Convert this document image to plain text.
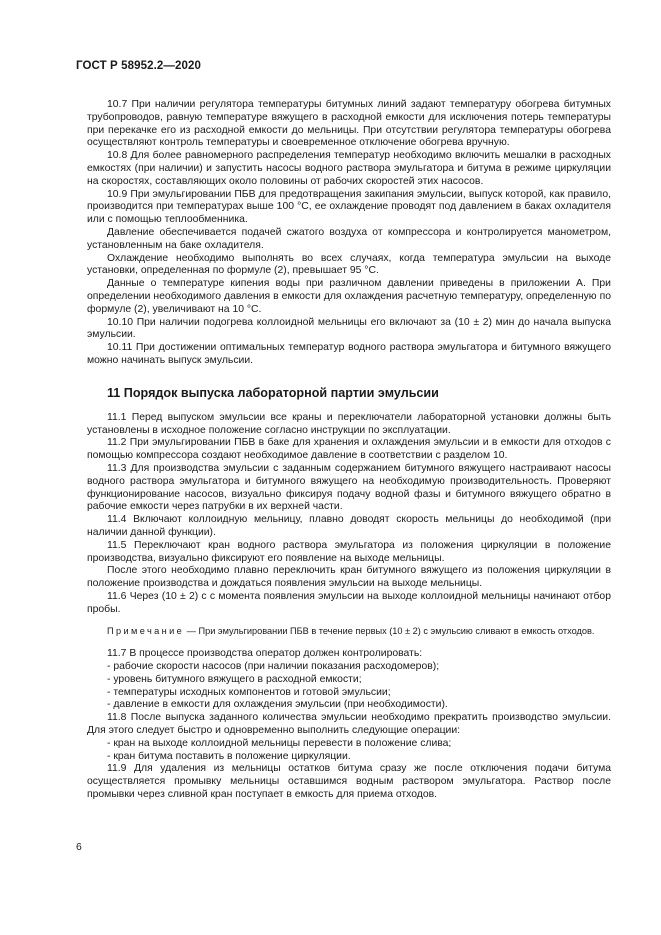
ГОСТ Р 58952.2—2020

10.7 При наличии регулятора температуры битумных линий задают температуру обогрева битумных трубопроводов, равную температуре вяжущего в расходной емкости для исключения потерь температуры при перекачке его из расходной емкости до мельницы. При отсутствии регулятора температуры обогрева осуществляют контроль температуры и своевременное отключение обогрева вручную.

10.8 Для более равномерного распределения температур необходимо включить мешалки в расходных емкостях (при наличии) и запустить насосы водного раствора эмульгатора и битума в режиме циркуляции на скоростях, составляющих около половины от рабочих скоростей этих насосов.

10.9 При эмульгировании ПБВ для предотвращения закипания эмульсии, выпуск которой, как правило, производится при температурах выше 100 °С, ее охлаждение проводят под давлением в баках охладителя или с помощью теплообменника.

Давление обеспечивается подачей сжатого воздуха от компрессора и контролируется манометром, установленным на баке охладителя.

Охлаждение необходимо выполнять во всех случаях, когда температура эмульсии на выходе установки, определенная по формуле (2), превышает 95 °С.

Данные о температуре кипения воды при различном давлении приведены в приложении А. При определении необходимого давления в емкости для охлаждения расчетную температуру, определенную по формуле (2), увеличивают на 10 °С.

10.10 При наличии подогрева коллоидной мельницы его включают за (10 ± 2) мин до начала выпуска эмульсии.

10.11 При достижении оптимальных температур водного раствора эмульгатора и битумного вяжущего можно начинать выпуск эмульсии.

11 Порядок выпуска лабораторной партии эмульсии

11.1 Перед выпуском эмульсии все краны и переключатели лабораторной установки должны быть установлены в исходное положение согласно инструкции по эксплуатации.

11.2 При эмульгировании ПБВ в баке для хранения и охлаждения эмульсии и в емкости для отходов с помощью компрессора создают необходимое давление в соответствии с разделом 10.

11.3 Для производства эмульсии с заданным содержанием битумного вяжущего настраивают насосы водного раствора эмульгатора и битумного вяжущего на необходимую производительность. Проверяют функционирование насосов, визуально фиксируя подачу водной фазы и битумного вяжущего обратно в рабочие емкости через патрубки в их верхней части.

11.4 Включают коллоидную мельницу, плавно доводят скорость мельницы до необходимой (при наличии данной функции).

11.5 Переключают кран водного раствора эмульгатора из положения циркуляции в положение производства, визуально фиксируют его появление на выходе мельницы.

После этого необходимо плавно переключить кран битумного вяжущего из положения циркуляции в положение производства и дождаться появления эмульсии на выходе мельницы.

11.6 Через (10 ± 2) с с момента появления эмульсии на выходе коллоидной мельницы начинают отбор пробы.

Примечание — При эмульгировании ПБВ в течение первых (10 ± 2) с эмульсию сливают в емкость отходов.

11.7 В процессе производства оператор должен контролировать:

- рабочие скорости насосов (при наличии показания расходомеров);

- уровень битумного вяжущего в расходной емкости;

- температуры исходных компонентов и готовой эмульсии;

- давление в емкости для охлаждения эмульсии (при необходимости).

11.8 После выпуска заданного количества эмульсии необходимо прекратить производство эмульсии. Для этого следует быстро и одновременно выполнить следующие операции:

- кран на выходе коллоидной мельницы перевести в положение слива;

- кран битума поставить в положение циркуляции.

11.9 Для удаления из мельницы остатков битума сразу же после отключения подачи битума осуществляется промывку мельницы оставшимся водным раствором эмульгатора. Раствор после промывки через сливной кран поступает в емкость для приема отходов.

6
